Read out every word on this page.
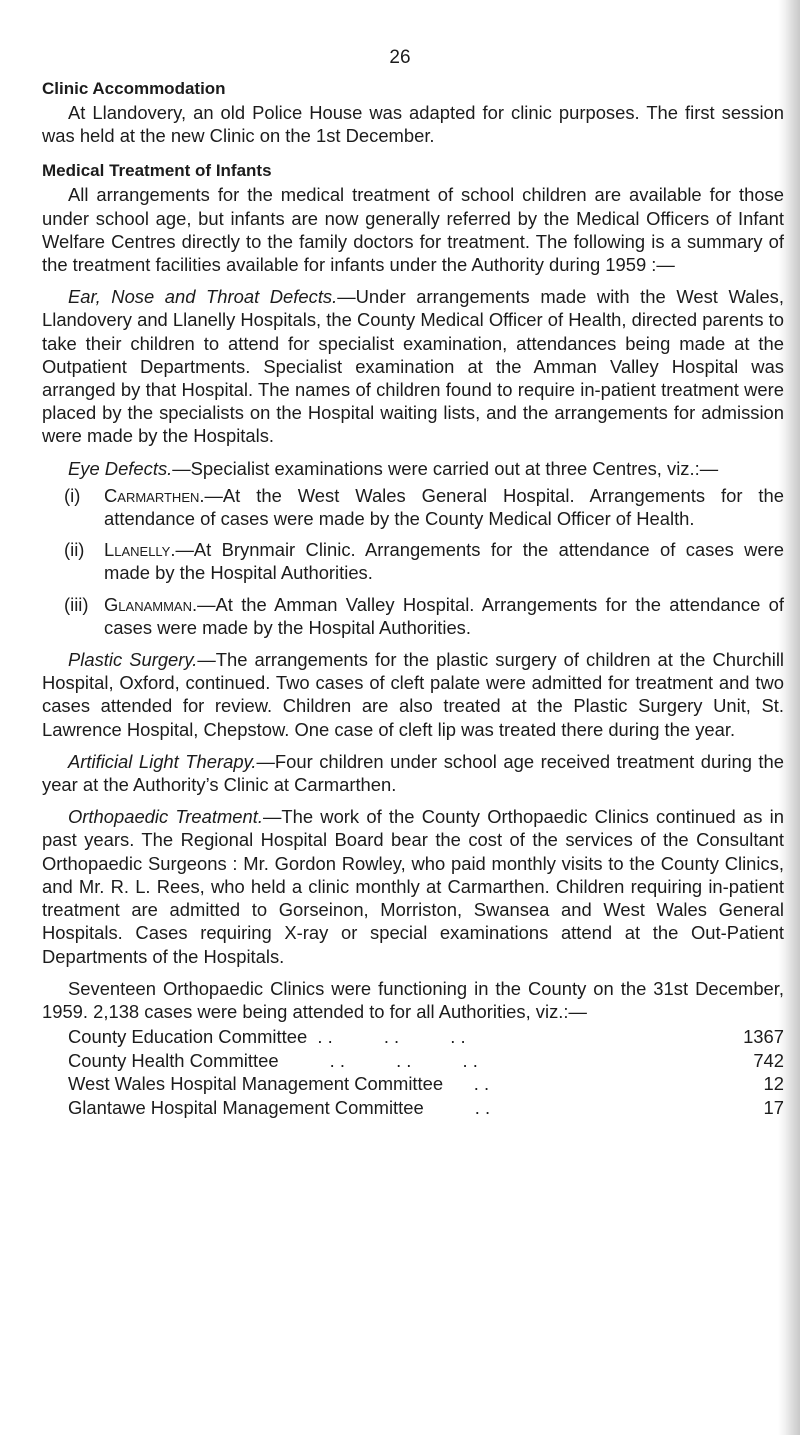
26
Clinic Accommodation

At Llandovery, an old Police House was adapted for clinic purposes. The first session was held at the new Clinic on the 1st December.

Medical Treatment of Infants

All arrangements for the medical treatment of school children are available for those under school age, but infants are now generally referred by the Medical Officers of Infant Welfare Centres directly to the family doctors for treatment. The following is a summary of the treatment facilities available for infants under the Authority during 1959 :—

Ear, Nose and Throat Defects.—Under arrangements made with the West Wales, Llandovery and Llanelly Hospitals, the County Medical Officer of Health, directed parents to take their children to attend for specialist examination, attendances being made at the Outpatient Departments. Specialist examination at the Amman Valley Hospital was arranged by that Hospital. The names of children found to require in-patient treatment were placed by the specialists on the Hospital waiting lists, and the arrangements for admission were made by the Hospitals.

Eye Defects.—Specialist examinations were carried out at three Centres, viz.:—

(i)	Carmarthen.—At the West Wales General Hospital. Arrangements for the attendance of cases were made by the County Medical Officer of Health.
(ii)	Llanelly.—At Brynmair Clinic. Arrangements for the attendance of cases were made by the Hospital Authorities.
(iii) Glanamman.—At the Amman Valley Hospital. Arrangements for the attendance of cases were made by the Hospital Authorities.

Plastic Surgery.—The arrangements for the plastic surgery of children at the Churchill Hospital, Oxford, continued. Two cases of cleft palate were admitted for treatment and two cases attended for review. Children are also treated at the Plastic Surgery Unit, St. Lawrence Hospital, Chepstow. One case of cleft lip was treated there during the year.

Artificial Light Therapy.—Four children under school age received treatment during the year at the Authority’s Clinic at Carmarthen.

Orthopaedic Treatment.—The work of the County Orthopaedic Clinics continued as in past years. The Regional Hospital Board bear the cost of the services of the Consultant Orthopaedic Surgeons : Mr. Gordon Rowley, who paid monthly visits to the County Clinics, and Mr. R. L. Rees, who held a clinic monthly at Carmarthen. Children requiring in-patient treatment are admitted to Gorseinon, Morriston, Swansea and West Wales General Hospitals. Cases requiring X-ray or special examinations attend at the Out-Patient Departments of the Hospitals.

Seventeen Orthopaedic Clinics were functioning in the County on the 31st December, 1959. 2,138 cases were being attended to for all Authorities, viz.:—

County Education Committee  . .          . .          . .	1367
County Health Committee          . .          . .          . .	742
West Wales Hospital Management Committee      . .	12
Glantawe Hospital Management Committee          . .	17
